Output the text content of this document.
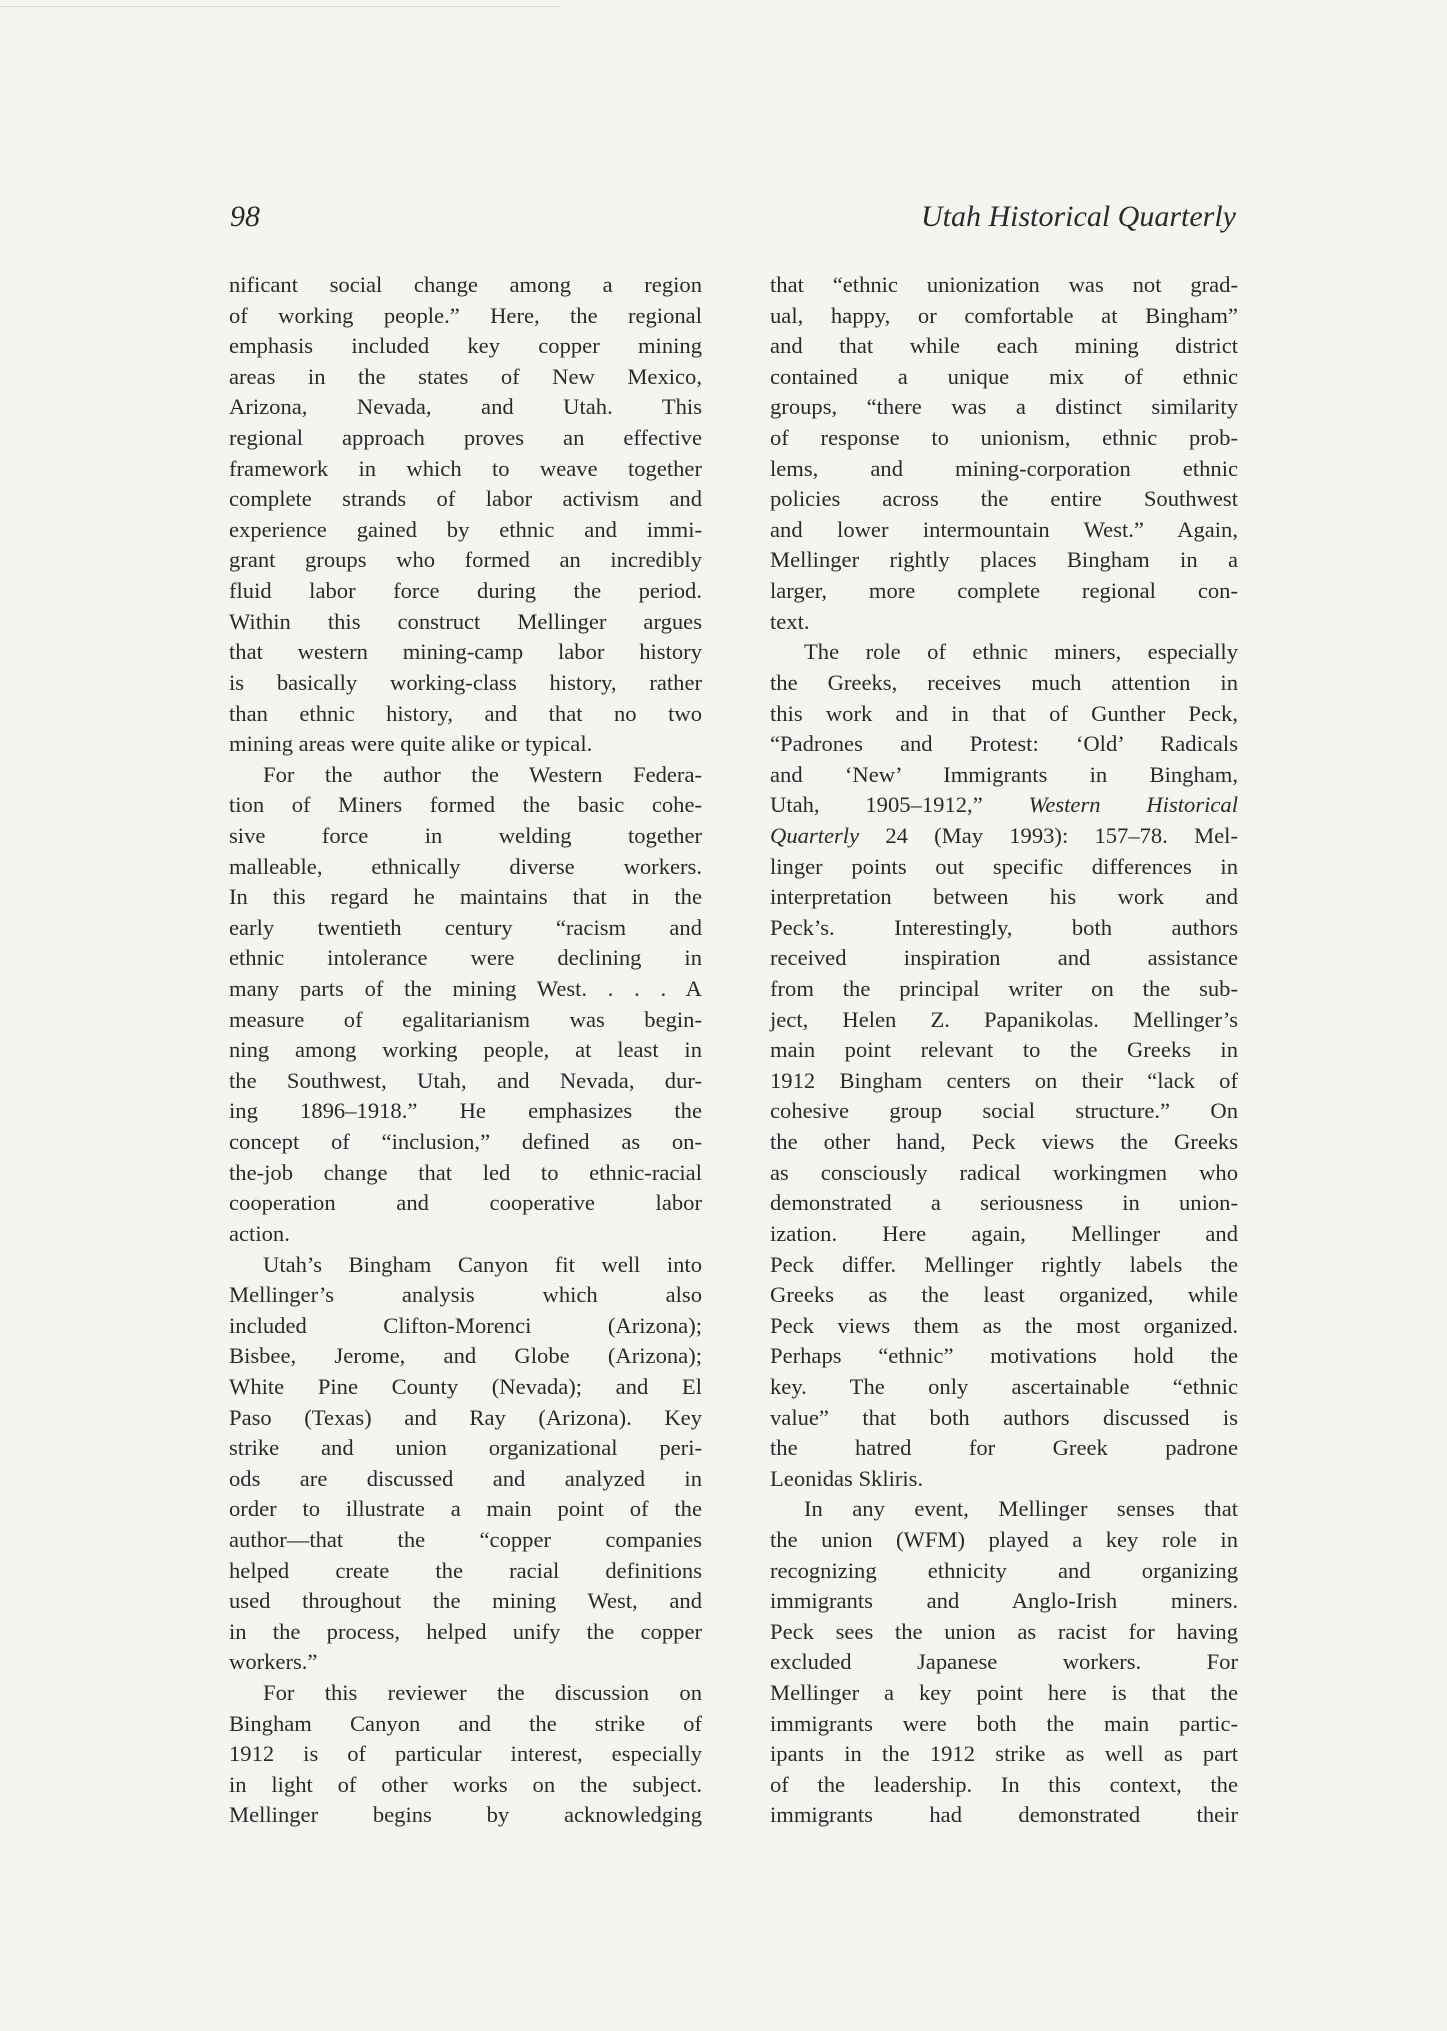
98	Utah Historical Quarterly
nificant social change among a region
of working people.” Here, the regional
emphasis included key copper mining
areas in the states of New Mexico,
Arizona, Nevada, and Utah. This
regional approach proves an effective
framework in which to weave together
complete strands of labor activism and
experience gained by ethnic and immi-
grant groups who formed an incredibly
fluid labor force during the period.
Within this construct Mellinger argues
that western mining-camp labor history
is basically working-class history, rather
than ethnic history, and that no two
mining areas were quite alike or typical.
For the author the Western Federa-
tion of Miners formed the basic cohe-
sive force in welding together
malleable, ethnically diverse workers.
In this regard he maintains that in the
early twentieth century “racism and
ethnic intolerance were declining in
many parts of the mining West. . . . A
measure of egalitarianism was begin-
ning among working people, at least in
the Southwest, Utah, and Nevada, dur-
ing 1896–1918.” He emphasizes the
concept of “inclusion,” defined as on-
the-job change that led to ethnic-racial
cooperation and cooperative labor
action.
Utah’s Bingham Canyon fit well into
Mellinger’s analysis which also
included Clifton-Morenci (Arizona);
Bisbee, Jerome, and Globe (Arizona);
White Pine County (Nevada); and El
Paso (Texas) and Ray (Arizona). Key
strike and union organizational peri-
ods are discussed and analyzed in
order to illustrate a main point of the
author—that the “copper companies
helped create the racial definitions
used throughout the mining West, and
in the process, helped unify the copper
workers.”
For this reviewer the discussion on
Bingham Canyon and the strike of
1912 is of particular interest, especially
in light of other works on the subject.
Mellinger begins by acknowledging
that “ethnic unionization was not grad-
ual, happy, or comfortable at Bingham”
and that while each mining district
contained a unique mix of ethnic
groups, “there was a distinct similarity
of response to unionism, ethnic prob-
lems, and mining-corporation ethnic
policies across the entire Southwest
and lower intermountain West.” Again,
Mellinger rightly places Bingham in a
larger, more complete regional con-
text.
The role of ethnic miners, especially
the Greeks, receives much attention in
this work and in that of Gunther Peck,
“Padrones and Protest: ‘Old’ Radicals
and ‘New’ Immigrants in Bingham,
Utah, 1905–1912,” Western Historical
Quarterly 24 (May 1993): 157–78. Mel-
linger points out specific differences in
interpretation between his work and
Peck’s. Interestingly, both authors
received inspiration and assistance
from the principal writer on the sub-
ject, Helen Z. Papanikolas. Mellinger’s
main point relevant to the Greeks in
1912 Bingham centers on their “lack of
cohesive group social structure.” On
the other hand, Peck views the Greeks
as consciously radical workingmen who
demonstrated a seriousness in union-
ization. Here again, Mellinger and
Peck differ. Mellinger rightly labels the
Greeks as the least organized, while
Peck views them as the most organized.
Perhaps “ethnic” motivations hold the
key. The only ascertainable “ethnic
value” that both authors discussed is
the hatred for Greek padrone
Leonidas Skliris.
In any event, Mellinger senses that
the union (WFM) played a key role in
recognizing ethnicity and organizing
immigrants and Anglo-Irish miners.
Peck sees the union as racist for having
excluded Japanese workers. For
Mellinger a key point here is that the
immigrants were both the main partic-
ipants in the 1912 strike as well as part
of the leadership. In this context, the
immigrants had demonstrated their
